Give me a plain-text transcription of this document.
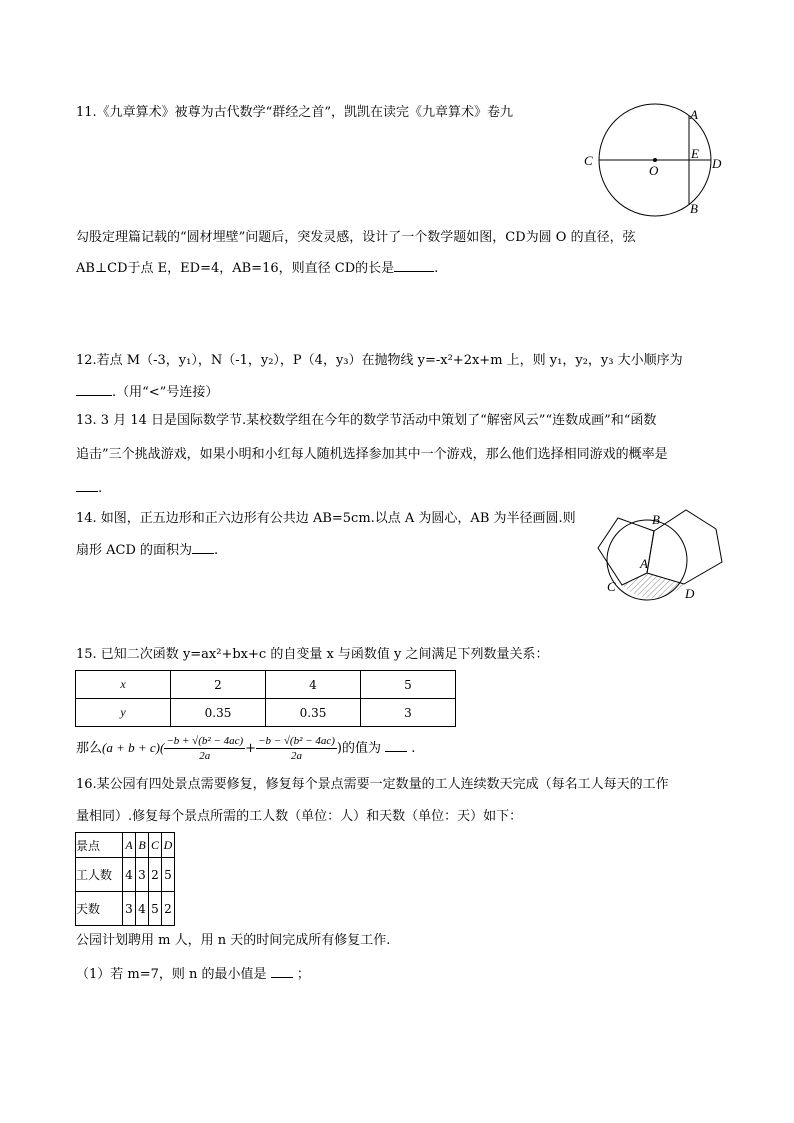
11.《九章算术》被尊为古代数学“群经之首”，凯凯在读完《九章算术》卷九	A
B
C	D
E
O
勾股定理篇记载的“圆材埋壁”问题后，突发灵感，设计了一个数学题如图，CD为圆 O 的直径，弦
AB⊥CD于点 E，ED=4，AB=16，则直径 CD的长是	.
12.若点 M（-3，y₁），N（-1，y₂），P（4，y₃）在抛物线 y=-x²+2x+m 上，则 y₁，y₂，y₃ 大小顺序为
.（用“<”号连接）
13. 3 月 14 日是国际数学节.某校数学组在今年的数学节活动中策划了“解密风云”“连数成画”和“函数
追击”三个挑战游戏，如果小明和小红每人随机选择参加其中一个游戏，那么他们选择相同游戏的概率是
.
14. 如图，正五边形和正六边形有公共边 AB=5cm.以点 A 为圆心，AB 为半径画圆.则
扇形 ACD 的面积为 .
B
A
C	D
15. 已知二次函数 y=ax²+bx+c 的自变量 x 与函数值 y 之间满足下列数量关系：
x	2	4	5
y	0.35	0.35	3
那么$(a + b + c)( \frac{\text{−b + √(b² − 4ac)}}{2a} + \frac{\text{−b − √(b² − 4ac)}}{2a}$ )的值为 .
16.某公园有四处景点需要修复，修复每个景点需要一定数量的工人连续数天完成（每名工人每天的工作
量相同）.修复每个景点所需的工人数（单位：人）和天数（单位：天）如下：
景点	A	B	C	D
工人数	4	3	2	5
天数	3	4	5	2
公园计划聘用 m 人，用 n 天的时间完成所有修复工作.
（1）若 m=7，则 n 的最小值是 ；
